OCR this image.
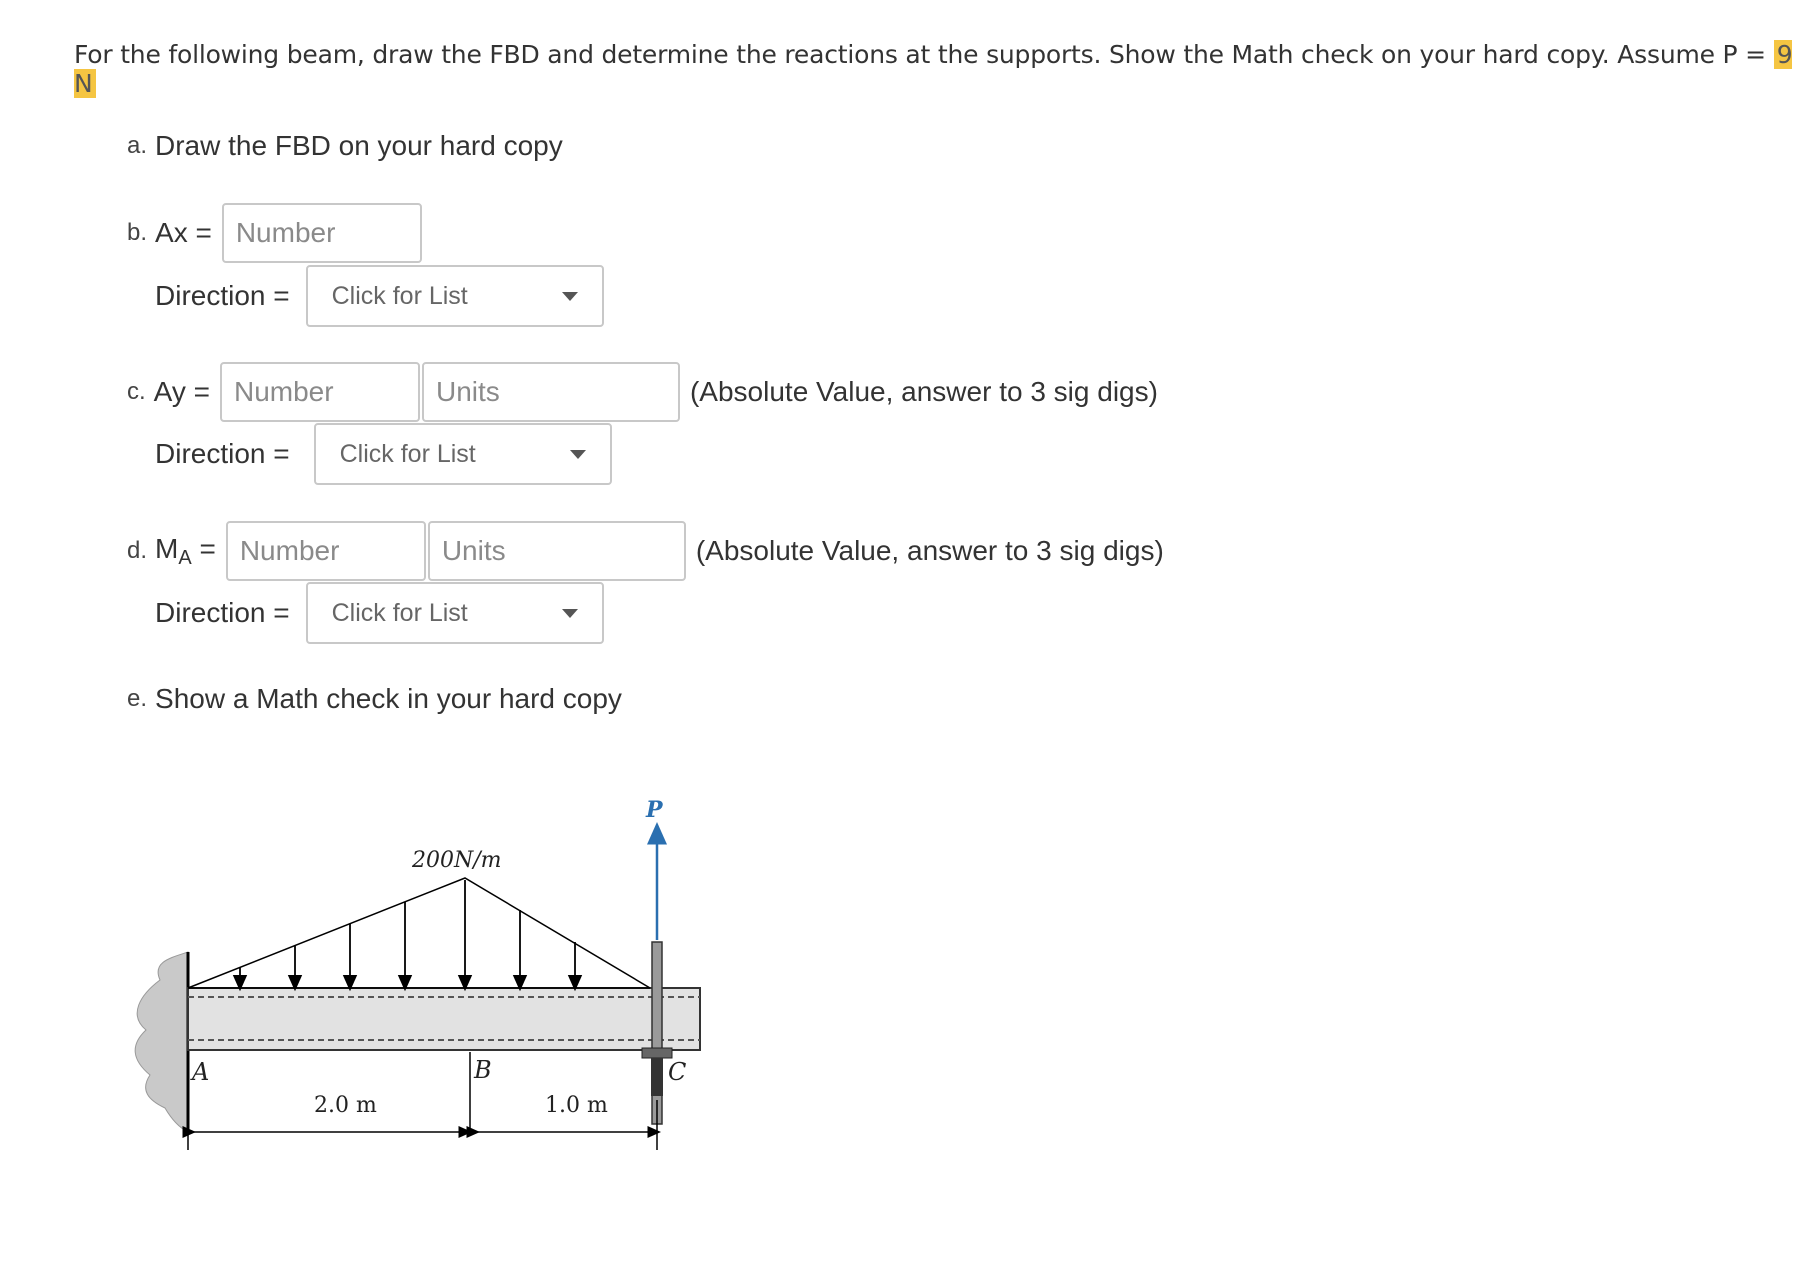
For the following beam, draw the FBD and determine the reactions at the supports. Show the Math check on your hard copy. Assume P = 9 N
a. Draw the FBD on your hard copy
b. Ax =
Number
Direction = Click for List
c. Ay =
Number
Units	(Absolute Value, answer to 3 sig digs)
Direction = Click for List
d. $M_A$ =
Number
Units	(Absolute Value, answer to 3 sig digs)
Direction = Click for List
e. Show a Math check in your hard copy
200N/m
P
A	B	C
2.0 m	1.0 m
